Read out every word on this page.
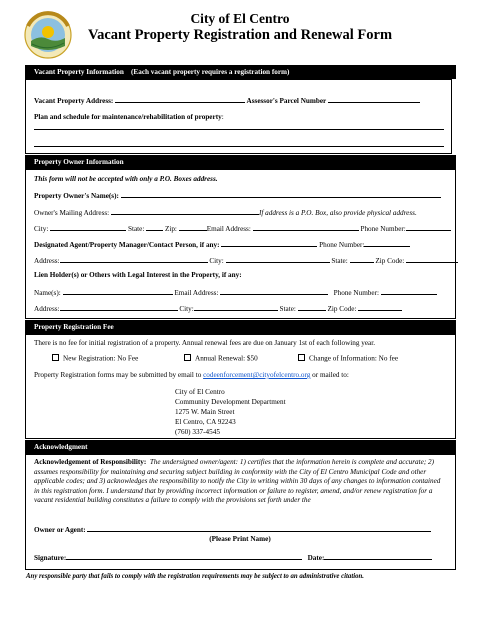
City of El Centro
Vacant Property Registration and Renewal Form
Vacant Property Information (Each vacant property requires a registration form)
Vacant Property Address:	Assessor's Parcel Number
Plan and schedule for maintenance/rehabilitation of property:
Property Owner Information
This form will not be accepted with only a P.O. Boxes address.
Property Owner's Name(s):
Owner's Mailing Address:	If address is a P.O. Box, also provide physical address.
City:	State:	Zip:	Email Address:	Phone Number:
Designated Agent/Property Manager/Contact Person, if any:	Phone Number:
Address:	City:	State:	Zip Code:
Lien Holder(s) or Others with Legal Interest in the Property, if any:
Name(s):	Email Address:	Phone Number:
Address:	City:	State:	Zip Code:
Property Registration Fee
There is no fee for initial registration of a property. Annual renewal fees are due on January 1st of each following year.
New Registration: No Fee	Annual Renewal: $50	Change of Information: No fee
Property Registration forms may be submitted by email to codeenforcement@cityofelcentro.org or mailed to:
City of El Centro
Community Development Department
1275 W. Main Street
El Centro, CA 92243
(760) 337-4545
Acknowledgment
Acknowledgement of Responsibility: The undersigned owner/agent: 1) certifies that the information herein is complete and accurate; 2) assumes responsibility for maintaining and securing subject building in conformity with the City of El Centro Municipal Code and other applicable codes; and 3) acknowledges the responsibility to notify the City in writing within 30 days of any changes to information contained in this registration form. I understand that by providing incorrect information or failure to register, amend, and/or renew registration for a vacant residential building constitutes a failure to comply with the provisions set forth under the
Owner or Agent:
(Please Print Name)
Signature:	Date:
Any responsible party that fails to comply with the registration requirements may be subject to an administrative citation.
